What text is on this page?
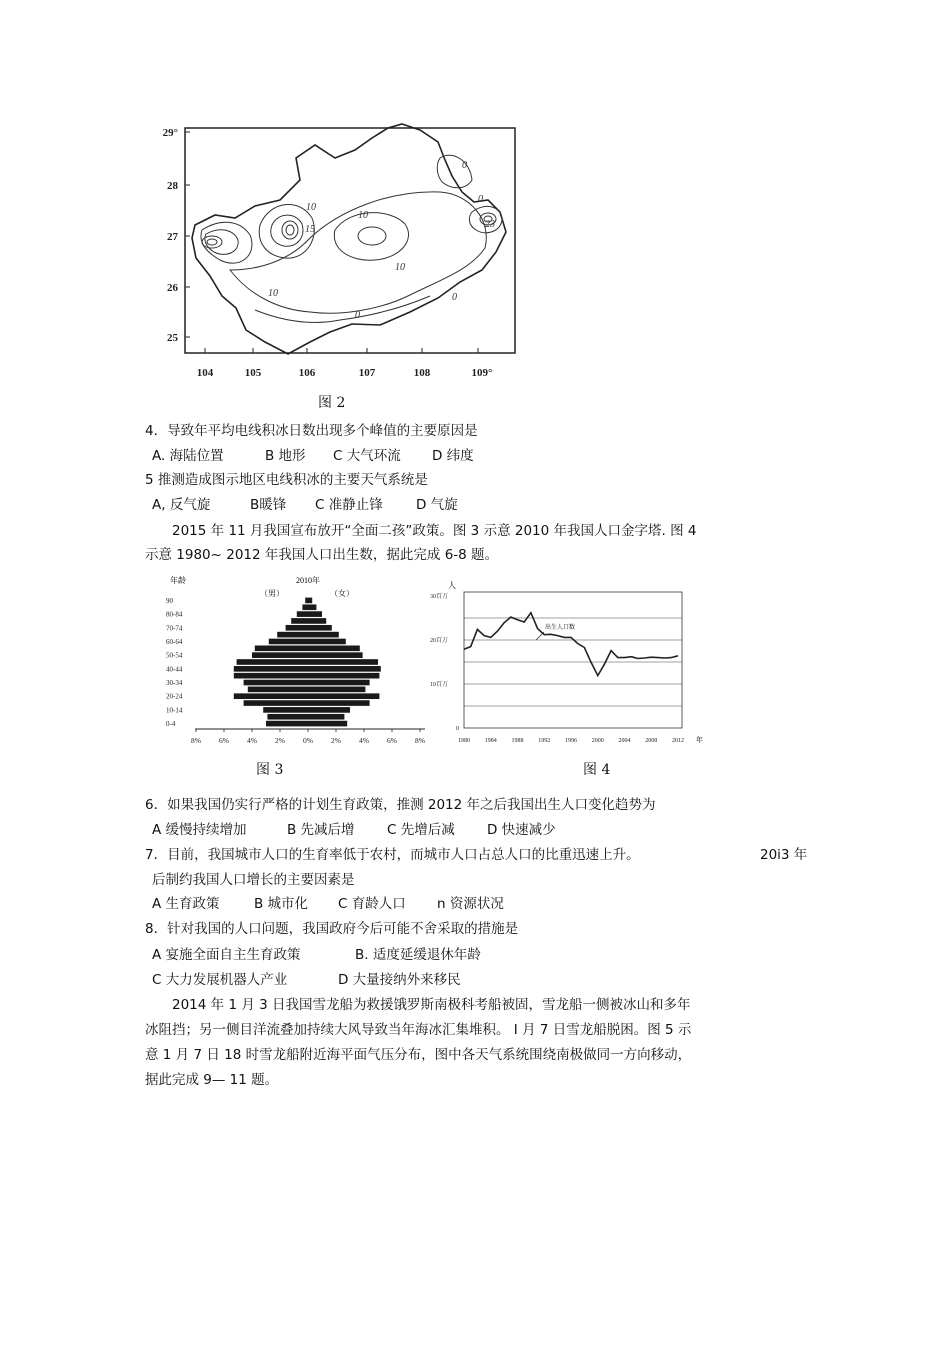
10
15
10
10
0
10	0
0
23
0
29°
28
27
26
25
104	105	106	107	108	109°
图 2
4．导致年平均电线积冰日数出现多个峰值的主要原因是
A. 海陆位置	B 地形 C 大气环流 D 纬度
5 推测造成图示地区电线积冰的主要天气系统是
A, 反气旋	B暖锋 C 准静止锋 D 气旋
2015 年 11 月我国宣布放开“全面二孩”政策。图 3 示意 2010 年我国人口金字塔. 图 4
示意 1980~ 2012 年我国人口出生数，据此完成 6-8 题。
年龄	2010年
（男）	（女）
90
80-84
70-74
60-64
50-54
40-44
30-34
20-24
10-14
0-4
8% 6% 4% 2% 0% 2% 4% 6% 8%
图 3
人
30百万
20百万
10百万
0
1980 1984 1988 1992 1996 2000 2004 2008 2012 年
出生人口数
图 4
6．如果我国仍实行严格的计划生育政策，推测 2012 年之后我国出生人口变化趋势为
A 缓慢持续增加	B 先减后增 C 先增后减 D 快速减少
7．目前，我国城市人口的生育率低于农村，而城市人口占总人口的比重迅速上升。	20i3 年
后制约我国人口增长的主要因素是
A 生育政策	B 城市化 C 育龄人口 n 资源状况
8．针对我国的人口问题，我国政府今后可能不舍采取的措施是
A 宴施全面自主生育政策	B. 适度延缓退休年龄
C 大力发展机器人产业	D 大量接纳外来移民
2014 年 1 月 3 日我国雪龙船为救援饿罗斯南极科考船被固，雪龙船一侧被冰山和多年
冰阻挡；另一侧目洋流叠加持续大风导致当年海冰汇集堆积。 I 月 7 日雪龙船脱困。图 5 示
意 1 月 7 日 18 时雪龙船附近海平面气压分布，图中各天气系统围绕南极做同一方向移动，
据此完成 9— 11 题。
